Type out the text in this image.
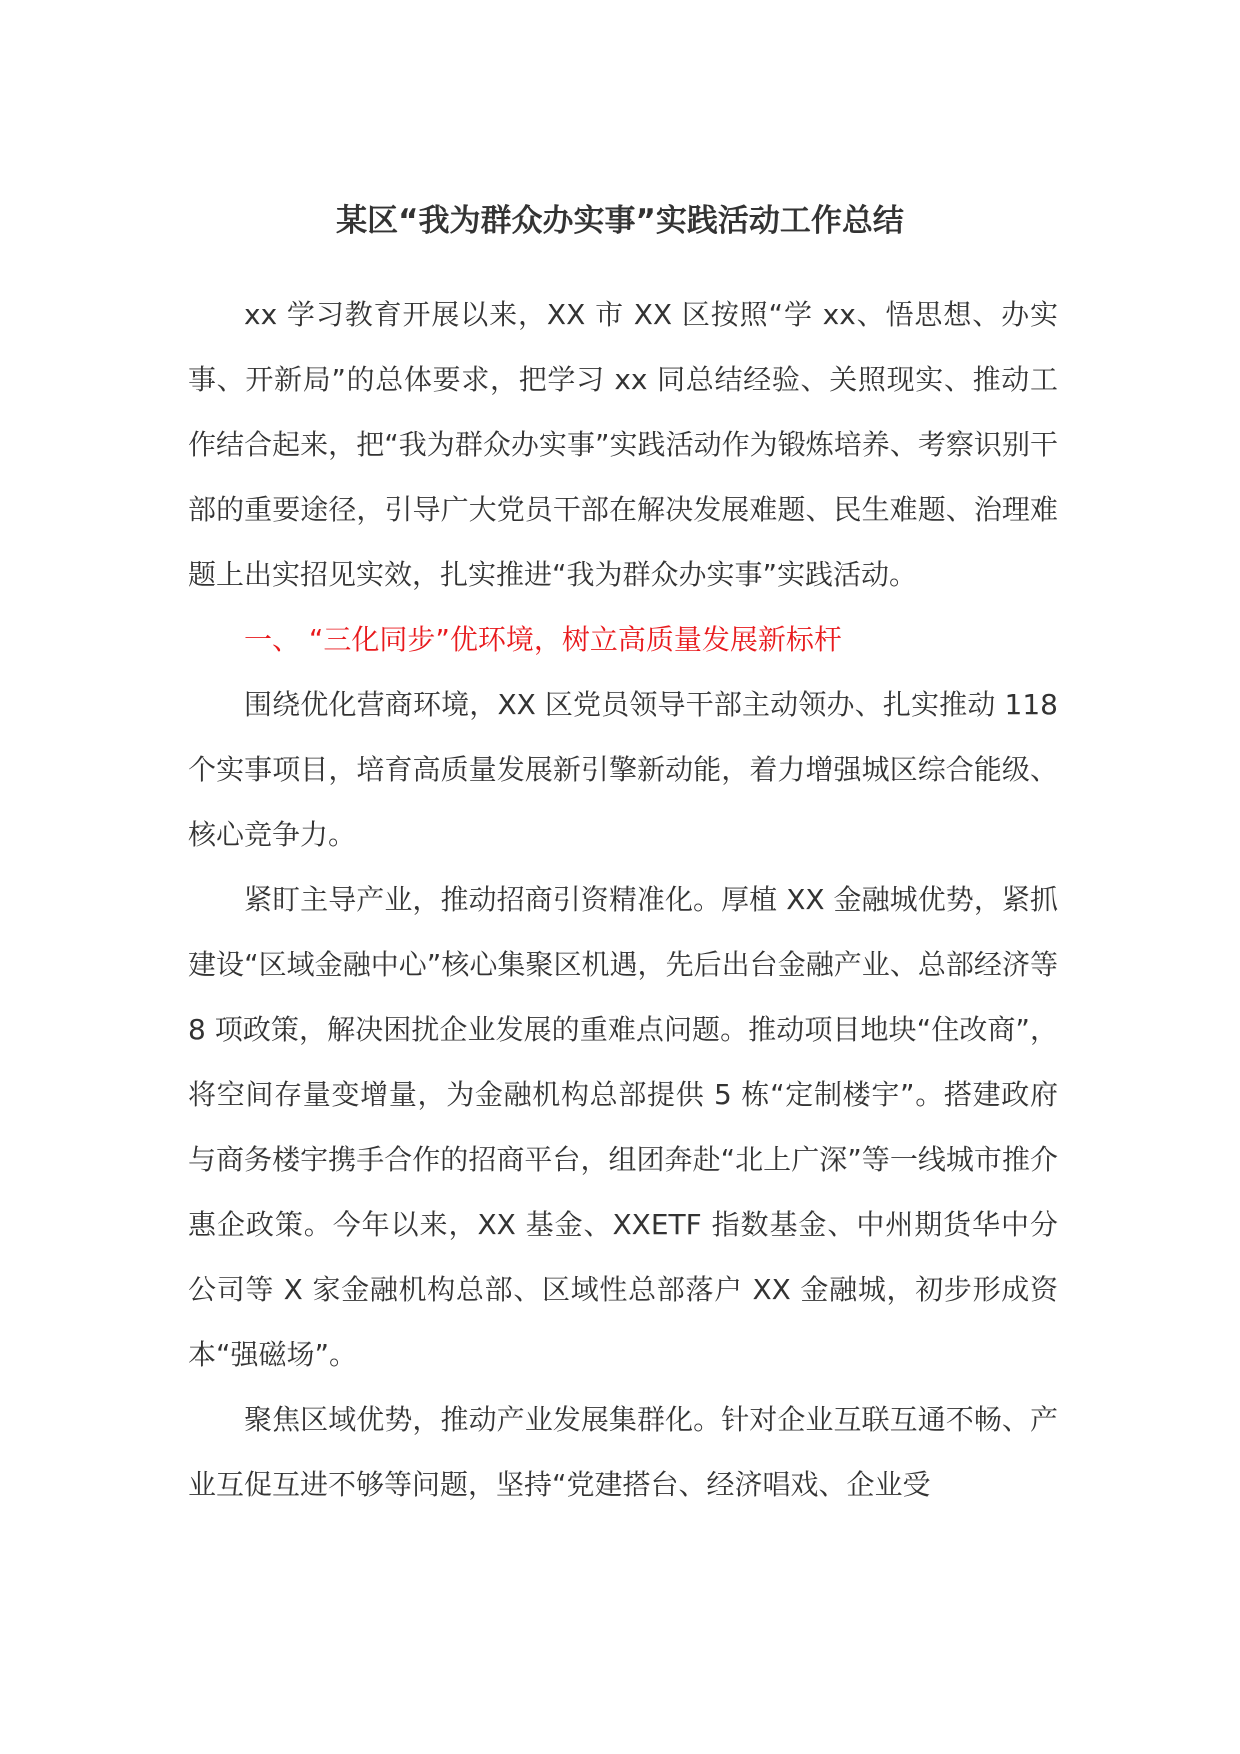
某区“我为群众办实事”实践活动工作总结

xx 学习教育开展以来，XX 市 XX 区按照“学 xx、悟思想、办实事、开新局”的总体要求，把学习 xx 同总结经验、关照现实、推动工作结合起来，把“我为群众办实事”实践活动作为锻炼培养、考察识别干部的重要途径，引导广大党员干部在解决发展难题、民生难题、治理难题上出实招见实效，扎实推进“我为群众办实事”实践活动。

一、 “三化同步”优环境，树立高质量发展新标杆

围绕优化营商环境，XX 区党员领导干部主动领办、扎实推动 118 个实事项目，培育高质量发展新引擎新动能，着力增强城区综合能级、核心竞争力。

紧盯主导产业，推动招商引资精准化。厚植 XX 金融城优势，紧抓建设“区域金融中心”核心集聚区机遇，先后出台金融产业、总部经济等 8 项政策，解决困扰企业发展的重难点问题。推动项目地块“住改商”，将空间存量变增量，为金融机构总部提供 5 栋“定制楼宇”。搭建政府与商务楼宇携手合作的招商平台，组团奔赴“北上广深”等一线城市推介惠企政策。今年以来，XX 基金、XXETF 指数基金、中州期货华中分公司等 X 家金融机构总部、区域性总部落户 XX 金融城，初步形成资本“强磁场”。

聚焦区域优势，推动产业发展集群化。针对企业互联互通不畅、产业互促互进不够等问题，坚持“党建搭台、经济唱戏、企业受
